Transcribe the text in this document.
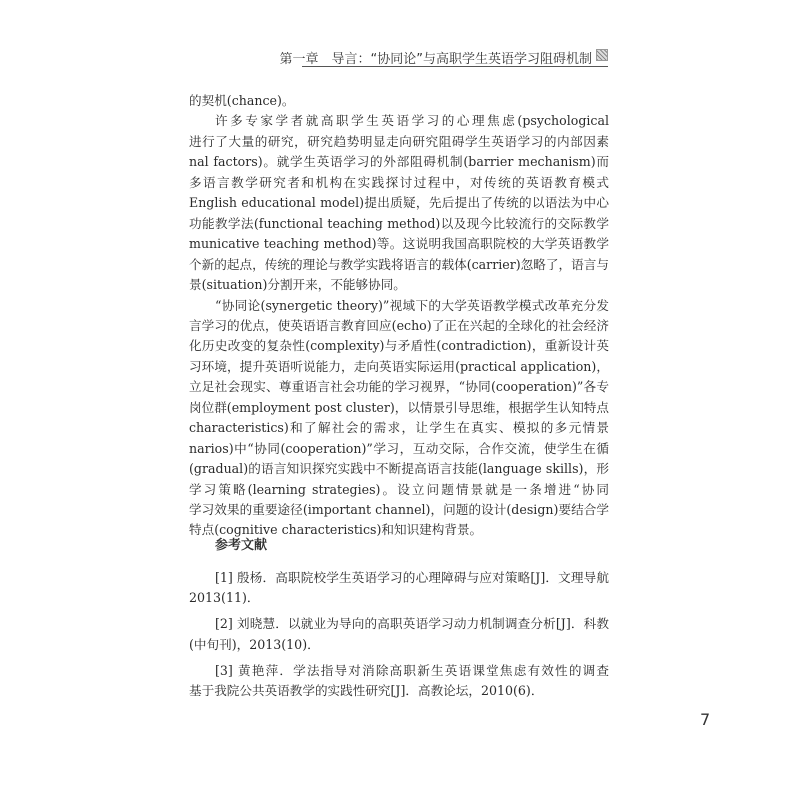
第一章　导言：“协同论”与高职学生英语学习阻碍机制
的契机(chance)。
许多专家学者就高职学生英语学习的心理焦虑(psychological
进行了大量的研究，研究趋势明显走向研究阻碍学生英语学习的内部因素
nal factors)。就学生英语学习的外部阻碍机制(barrier mechanism)而
多语言教学研究者和机构在实践探讨过程中，对传统的英语教育模式
English educational model)提出质疑，先后提出了传统的以语法为中心
功能教学法(functional teaching method)以及现今比较流行的交际教学
municative teaching method)等。这说明我国高职院校的大学英语教学
个新的起点，传统的理论与教学实践将语言的载体(carrier)忽略了，语言与
景(situation)分割开来，不能够协同。
“协同论(synergetic theory)”视域下的大学英语教学模式改革充分发
言学习的优点，使英语语言教育回应(echo)了正在兴起的全球化的社会经济
化历史改变的复杂性(complexity)与矛盾性(contradiction)，重新设计英
习环境，提升英语听说能力，走向英语实际运用(practical application)，
立足社会现实、尊重语言社会功能的学习视界，“协同(cooperation)”各专
岗位群(employment post cluster)，以情景引导思维，根据学生认知特点
characteristics)和了解社会的需求，让学生在真实、模拟的多元情景
narios)中“协同(cooperation)”学习，互动交际，合作交流，使学生在循
(gradual)的语言知识探究实践中不断提高语言技能(language skills)，形
学习策略(learning strategies)。设立问题情景就是一条增进“协同
学习效果的重要途径(important channel)，问题的设计(design)要结合学
特点(cognitive characteristics)和知识建构背景。
参考文献
[1] 殷杨．高职院校学生英语学习的心理障碍与应对策略[J]．文理导航
2013(11)．
[2] 刘晓慧．以就业为导向的高职英语学习动力机制调查分析[J]．科教
(中旬刊)，2013(10)．
[3] 黄艳萍．学法指导对消除高职新生英语课堂焦虑有效性的调查
基于我院公共英语教学的实践性研究[J]．高教论坛，2010(6)．
7
